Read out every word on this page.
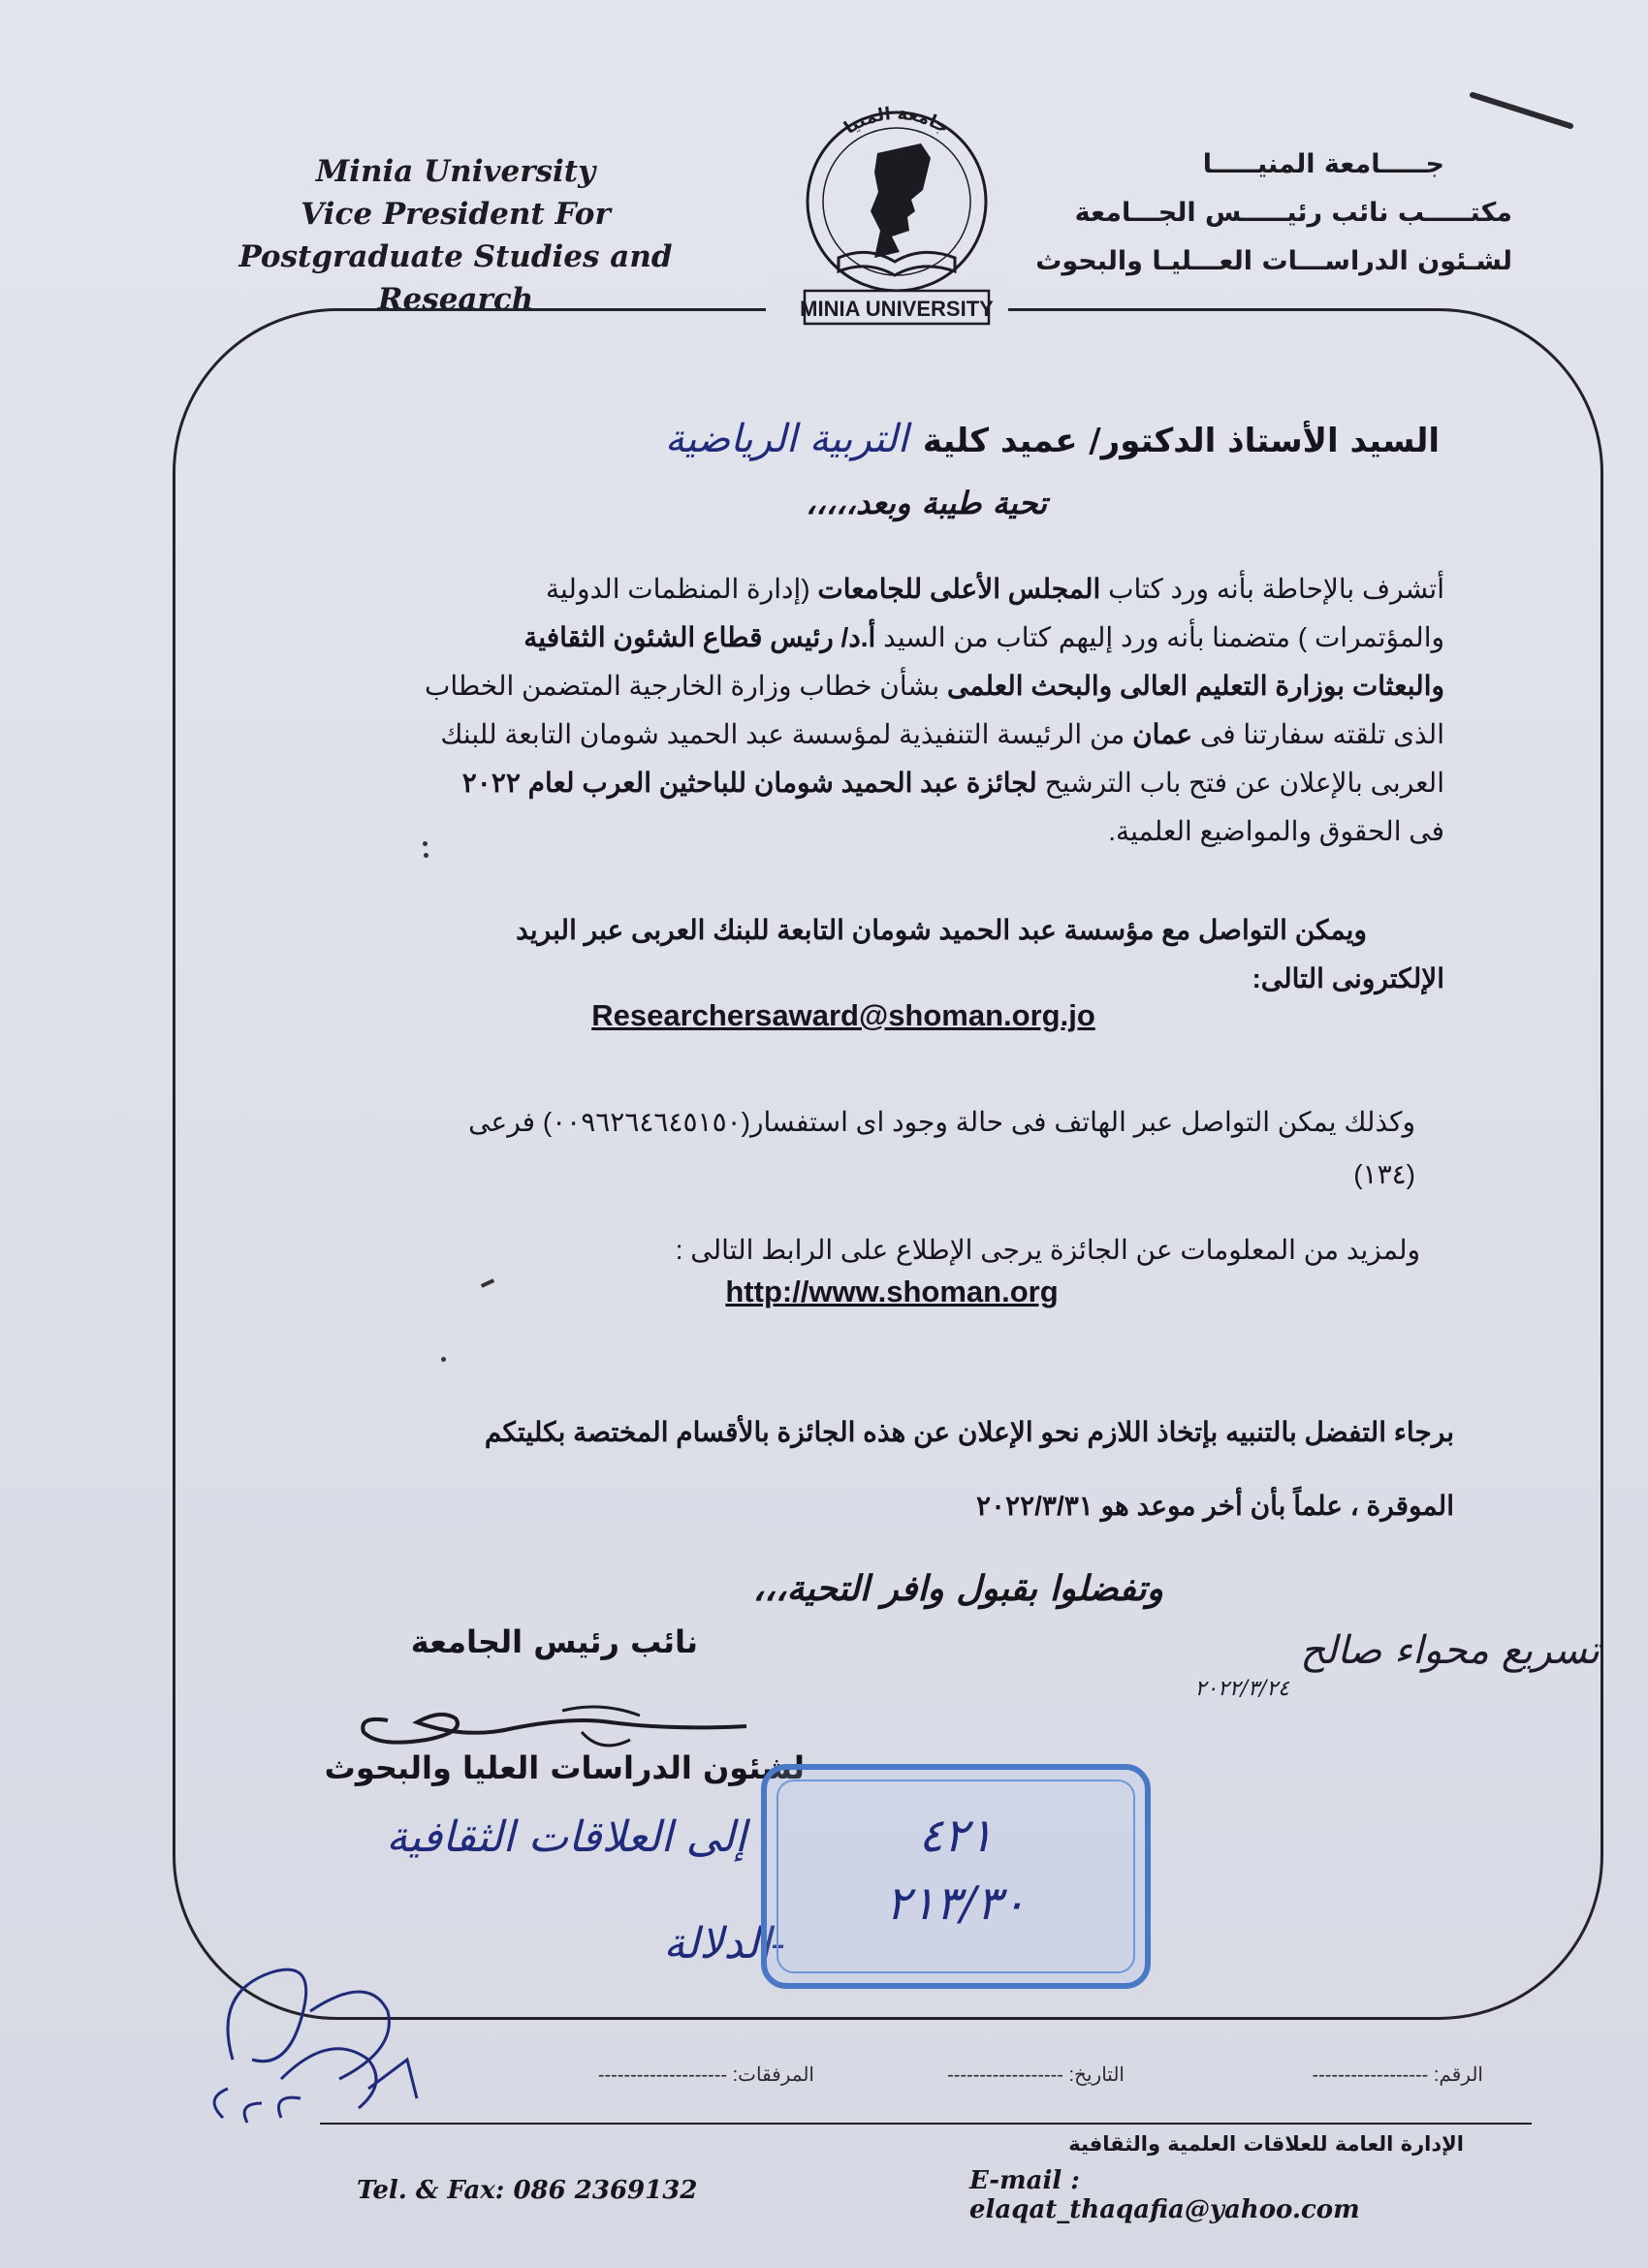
Minia University
Vice President For
Postgraduate Studies and Research
جـــــامعة المنيـــــا
مكتـــــب نائب رئيـــــس الجـــامعة
لشـئون الدراســـات العـــليـا والبحوث
جامعة المنيا
MINIA UNIVERSITY
السيد الأستاذ الدكتور/ عميد كلية التربية الرياضية
تحية طيبة وبعد،،،،،
أتشرف بالإحاطة بأنه ورد كتاب المجلس الأعلى للجامعات (إدارة المنظمات الدولية
والمؤتمرات ) متضمنا بأنه ورد إليهم كتاب من السيد أ.د/ رئيس قطاع الشئون الثقافية
والبعثات بوزارة التعليم العالى والبحث العلمى بشأن خطاب وزارة الخارجية المتضمن الخطاب
الذى تلقته سفارتنا فى عمان من الرئيسة التنفيذية لمؤسسة عبد الحميد شومان التابعة للبنك
العربى بالإعلان عن فتح باب الترشيح لجائزة عبد الحميد شومان للباحثين العرب لعام ٢٠٢٢
فى الحقوق والمواضيع العلمية.
ويمكن التواصل مع مؤسسة عبد الحميد شومان التابعة للبنك العربى عبر البريد
الإلكترونى التالى:
Researchersaward@shoman.org.jo
وكذلك يمكن التواصل عبر الهاتف فى حالة وجود اى استفسار(٠٠٩٦٢٦٤٦٤٥١٥٠) فرعى
(١٣٤)
ولمزيد من المعلومات عن الجائزة يرجى الإطلاع على الرابط التالى :
http://www.shoman.org
برجاء التفضل بالتنبيه بإتخاذ اللازم نحو الإعلان عن هذه الجائزة بالأقسام المختصة بكليتكم
الموقرة ، علماً بأن أخر موعد هو ٢٠٢٢/٣/٣١
وتفضلوا بقبول وافر التحية،،،
نائب رئيس الجامعة
لشئون الدراسات العليا والبحوث
تسريع محواء صالح
٢٠٢٢/٣/٢٤
إلى العلاقات الثقافية
-الدلالة
٤٢١
٢١٣/٣٠
الرقم: ------------------
التاريخ: ------------------
المرفقات: --------------------
الإدارة العامة للعلاقات العلمية والثقافية
Tel. & Fax: 086 2369132	E-mail : elaqat_thaqafia@yahoo.com
